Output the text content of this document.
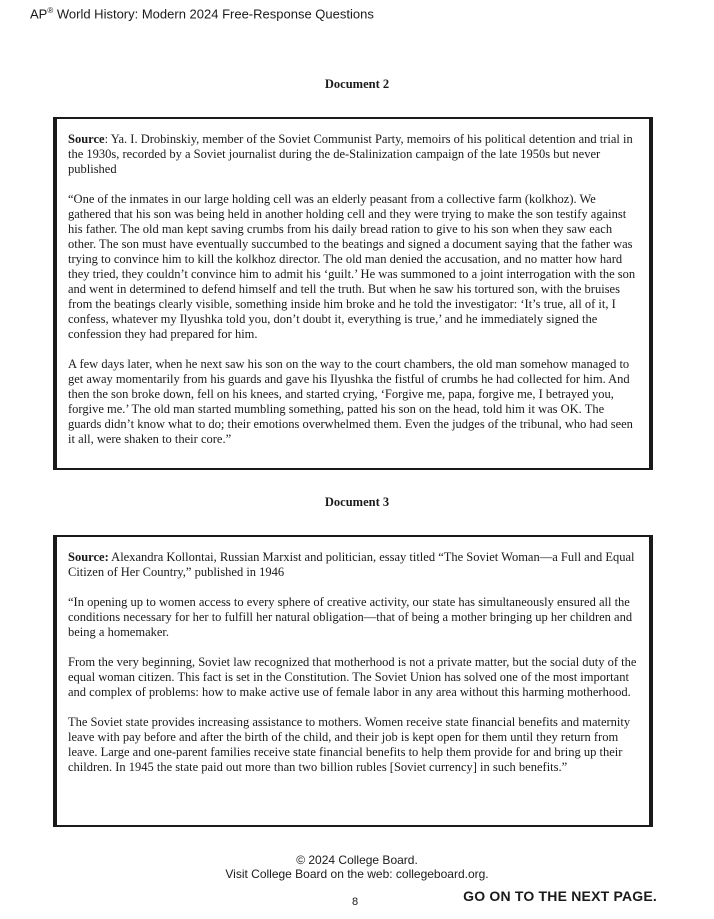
AP® World History: Modern 2024 Free-Response Questions
Document 2

Source: Ya. I. Drobinskiy, member of the Soviet Communist Party, memoirs of his political detention and trial in the 1930s, recorded by a Soviet journalist during the de-Stalinization campaign of the late 1950s but never published

“One of the inmates in our large holding cell was an elderly peasant from a collective farm (kolkhoz). We gathered that his son was being held in another holding cell and they were trying to make the son testify against his father. The old man kept saving crumbs from his daily bread ration to give to his son when they saw each other. The son must have eventually succumbed to the beatings and signed a document saying that the father was trying to convince him to kill the kolkhoz director. The old man denied the accusation, and no matter how hard they tried, they couldn’t convince him to admit his ‘guilt.’ He was summoned to a joint interrogation with the son and went in determined to defend himself and tell the truth. But when he saw his tortured son, with the bruises from the beatings clearly visible, something inside him broke and he told the investigator: ‘It’s true, all of it, I confess, whatever my Ilyushka told you, don’t doubt it, everything is true,’ and he immediately signed the confession they had prepared for him.

A few days later, when he next saw his son on the way to the court chambers, the old man somehow managed to get away momentarily from his guards and gave his Ilyushka the fistful of crumbs he had collected for him. And then the son broke down, fell on his knees, and started crying, ‘Forgive me, papa, forgive me, I betrayed you, forgive me.’ The old man started mumbling something, patted his son on the head, told him it was OK. The guards didn’t know what to do; their emotions overwhelmed them. Even the judges of the tribunal, who had seen it all, were shaken to their core.”

Document 3

Source: Alexandra Kollontai, Russian Marxist and politician, essay titled “The Soviet Woman—a Full and Equal Citizen of Her Country,” published in 1946

“In opening up to women access to every sphere of creative activity, our state has simultaneously ensured all the conditions necessary for her to fulfill her natural obligation—that of being a mother bringing up her children and being a homemaker.

From the very beginning, Soviet law recognized that motherhood is not a private matter, but the social duty of the equal woman citizen. This fact is set in the Constitution. The Soviet Union has solved one of the most important and complex of problems: how to make active use of female labor in any area without this harming motherhood.

The Soviet state provides increasing assistance to mothers. Women receive state financial benefits and maternity leave with pay before and after the birth of the child, and their job is kept open for them until they return from leave. Large and one-parent families receive state financial benefits to help them provide for and bring up their children. In 1945 the state paid out more than two billion rubles [Soviet currency] in such benefits.”

© 2024 College Board.
Visit College Board on the web: collegeboard.org.
8	GO ON TO THE NEXT PAGE.
